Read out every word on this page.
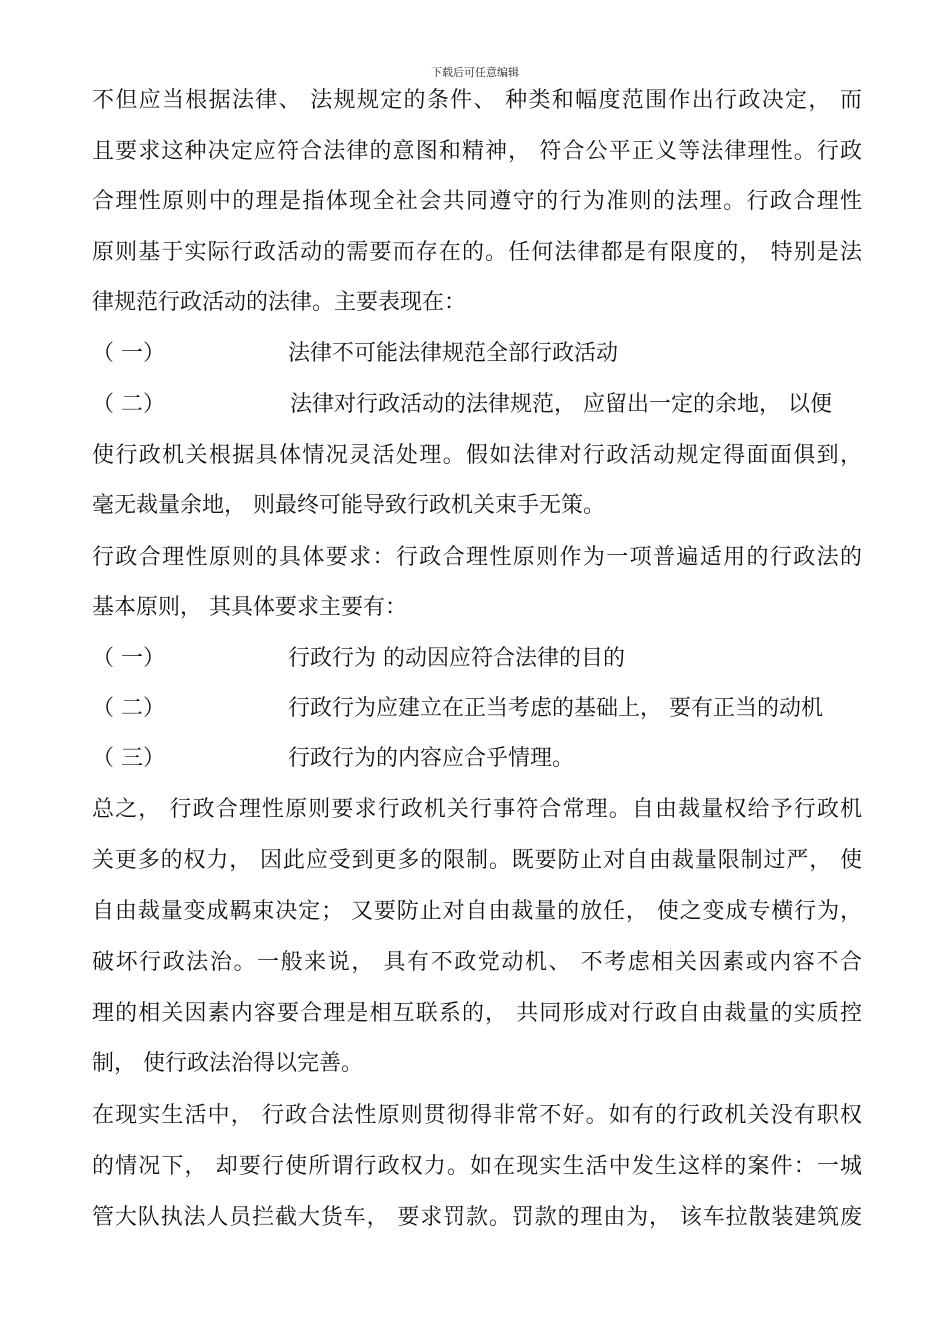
下载后可任意编辑
不但应当根据法律、 法规规定的条件、 种类和幅度范围作出行政决定， 而
且要求这种决定应符合法律的意图和精神， 符合公平正义等法律理性。行政
合理性原则中的理是指体现全社会共同遵守的行为准则的法理。行政合理性
原则基于实际行政活动的需要而存在的。任何法律都是有限度的， 特别是法
律规范行政活动的法律。主要表现在：
（ 一）	法律不可能法律规范全部行政活动
（ 二）	法律对行政活动的法律规范， 应留出一定的余地， 以便
使行政机关根据具体情况灵活处理。假如法律对行政活动规定得面面俱到，
毫无裁量余地， 则最终可能导致行政机关束手无策。
行政合理性原则的具体要求：行政合理性原则作为一项普遍适用的行政法的
基本原则， 其具体要求主要有：
（ 一）	行政行为 的动因应符合法律的目的
（ 二）	行政行为应建立在正当考虑的基础上， 要有正当的动机
（ 三）	行政行为的内容应合乎情理。
总之， 行政合理性原则要求行政机关行事符合常理。自由裁量权给予行政机
关更多的权力， 因此应受到更多的限制。既要防止对自由裁量限制过严， 使
自由裁量变成羁束决定； 又要防止对自由裁量的放任， 使之变成专横行为，
破坏行政法治。一般来说， 具有不政党动机、 不考虑相关因素或内容不合
理的相关因素内容要合理是相互联系的， 共同形成对行政自由裁量的实质控
制， 使行政法治得以完善。
在现实生活中， 行政合法性原则贯彻得非常不好。如有的行政机关没有职权
的情况下， 却要行使所谓行政权力。如在现实生活中发生这样的案件：一城
管大队执法人员拦截大货车， 要求罚款。罚款的理由为， 该车拉散装建筑废
